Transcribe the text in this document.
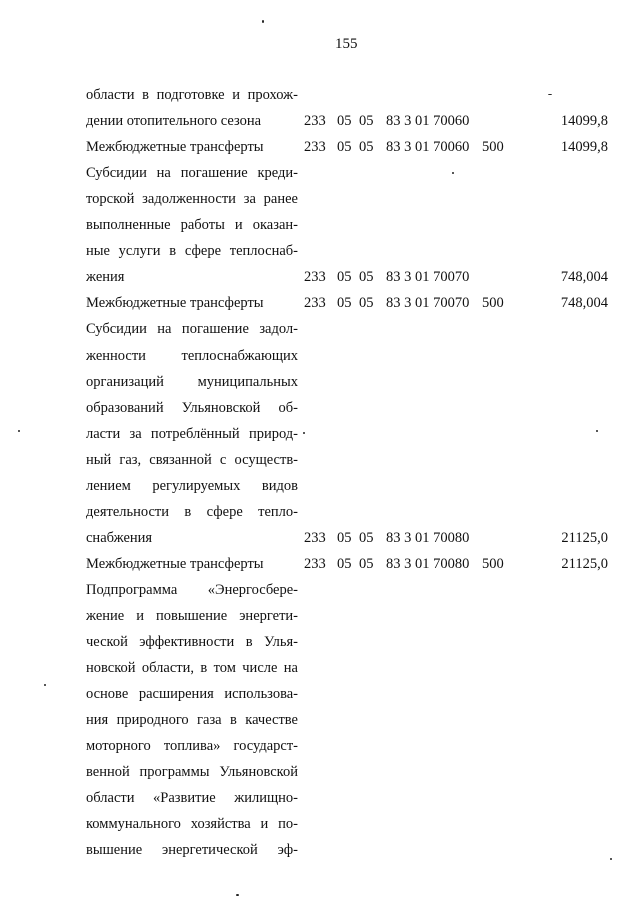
155
области в подготовке и прохож-
дении отопительного сезона	233 05 05 83 3 01 70060	14099,8
Межбюджетные трансферты	233 05 05 83 3 01 70060 500	14099,8
Субсидии на погашение креди-
торской задолженности за ранее
выполненные работы и оказан-
ные услуги в сфере теплоснаб-
жения	233 05 05 83 3 01 70070	748,004
Межбюджетные трансферты	233 05 05 83 3 01 70070 500	748,004
Субсидии на погашение задол-
женности теплоснабжающих
организаций муниципальных
образований Ульяновской об-
ласти за потреблённый природ-
ный газ, связанной с осуществ-
лением регулируемых видов
деятельности в сфере тепло-
снабжения	233 05 05 83 3 01 70080	21125,0
Межбюджетные трансферты	233 05 05 83 3 01 70080 500	21125,0
Подпрограмма «Энергосбере-
жение и повышение энергети-
ческой эффективности в Улья-
новской области, в том числе на
основе расширения использова-
ния природного газа в качестве
моторного топлива» государст-
венной программы Ульяновской
области «Развитие жилищно-
коммунального хозяйства и по-
вышение энергетической эф-
